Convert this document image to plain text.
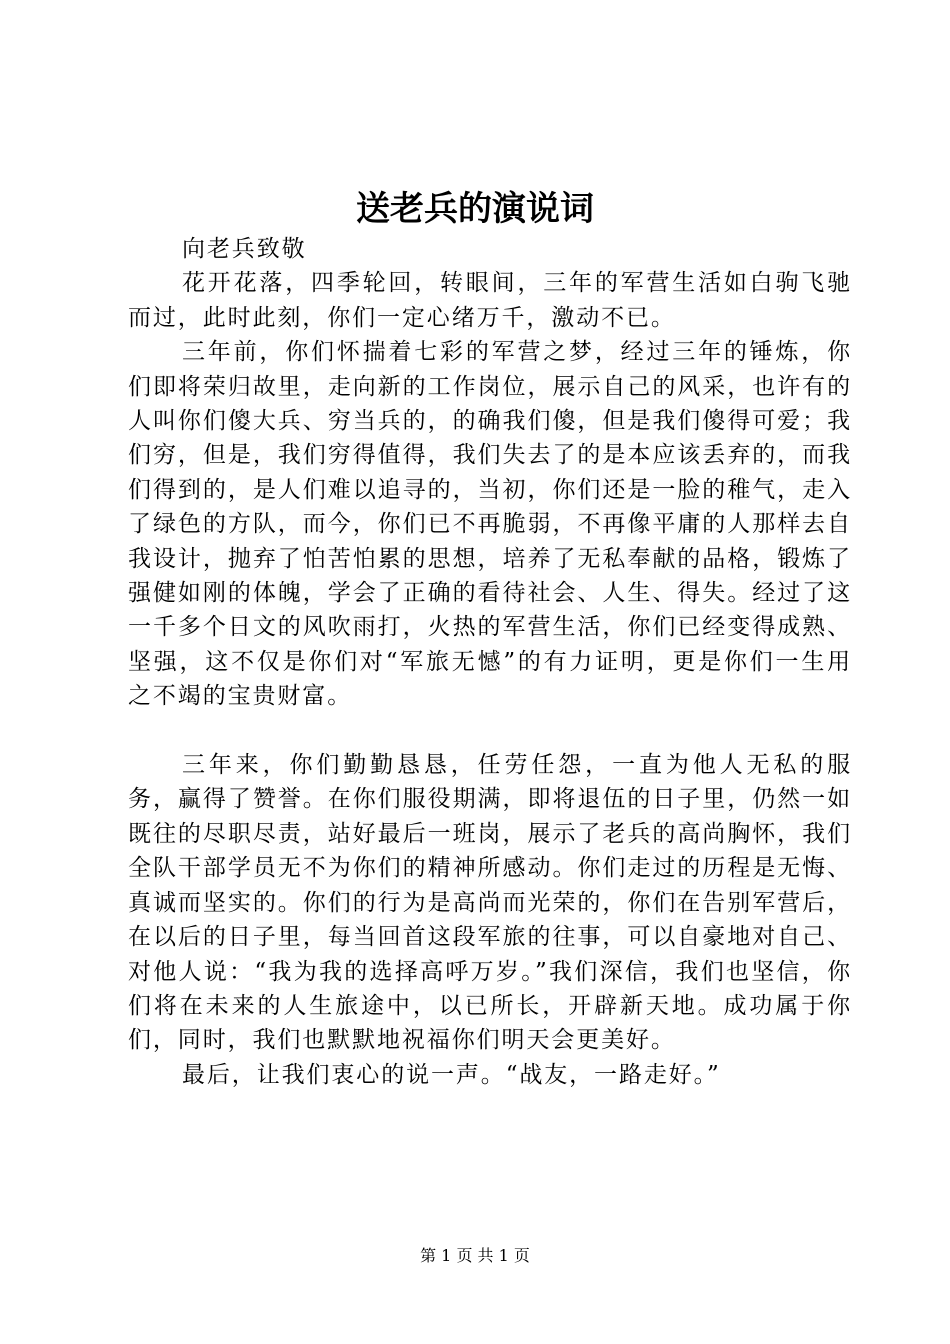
送老兵的演说词

向老兵致敬

花开花落，四季轮回，转眼间，三年的军营生活如白驹飞驰而过，此时此刻，你们一定心绪万千，激动不已。

三年前，你们怀揣着七彩的军营之梦，经过三年的锤炼，你们即将荣归故里，走向新的工作岗位，展示自己的风采，也许有的人叫你们傻大兵、穷当兵的，的确我们傻，但是我们傻得可爱；我们穷，但是，我们穷得值得，我们失去了的是本应该丢弃的，而我们得到的，是人们难以追寻的，当初，你们还是一脸的稚气，走入了绿色的方队，而今，你们已不再脆弱，不再像平庸的人那样去自我设计，抛弃了怕苦怕累的思想，培养了无私奉献的品格，锻炼了强健如刚的体魄，学会了正确的看待社会、人生、得失。经过了这一千多个日文的风吹雨打，火热的军营生活，你们已经变得成熟、坚强，这不仅是你们对“军旅无憾”的有力证明，更是你们一生用之不竭的宝贵财富。

三年来，你们勤勤恳恳，任劳任怨，一直为他人无私的服务，赢得了赞誉。在你们服役期满，即将退伍的日子里，仍然一如既往的尽职尽责，站好最后一班岗，展示了老兵的高尚胸怀，我们全队干部学员无不为你们的精神所感动。你们走过的历程是无悔、真诚而坚实的。你们的行为是高尚而光荣的，你们在告别军营后，在以后的日子里，每当回首这段军旅的往事，可以自豪地对自己、对他人说：“我为我的选择高呼万岁。”我们深信，我们也坚信，你们将在未来的人生旅途中，以已所长，开辟新天地。成功属于你们，同时，我们也默默地祝福你们明天会更美好。

最后，让我们衷心的说一声。“战友，一路走好。”

第 1 页 共 1 页
